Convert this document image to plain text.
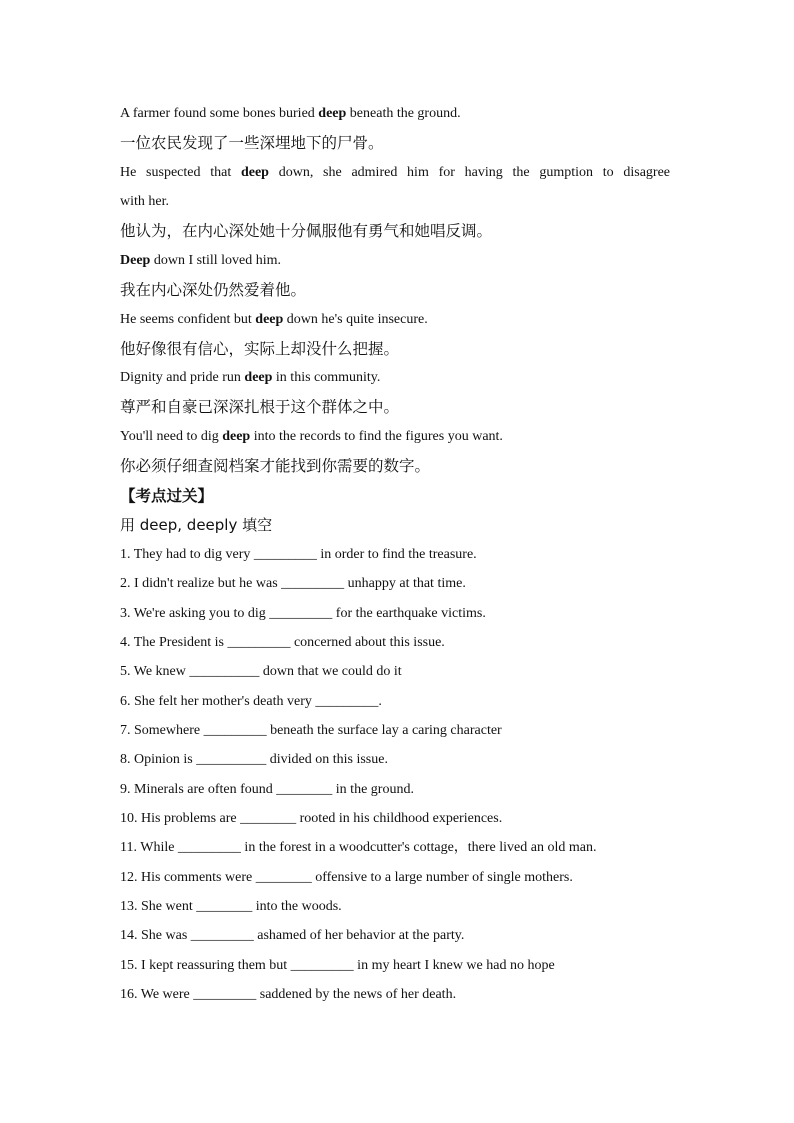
A farmer found some bones buried deep beneath the ground.
一位农民发现了一些深埋地下的尸骨。
He suspected that deep down, she admired him for having the gumption to disagree
with her.
他认为，在内心深处她十分佩服他有勇气和她唱反调。
Deep down I still loved him.
我在内心深处仍然爱着他。
He seems confident but deep down he's quite insecure.
他好像很有信心，实际上却没什么把握。
Dignity and pride run deep in this community.
尊严和自豪已深深扎根于这个群体之中。
You'll need to dig deep into the records to find the figures you want.
你必须仔细查阅档案才能找到你需要的数字。
【考点过关】
用 deep, deeply 填空
1. They had to dig very _________ in order to find the treasure.
2. I didn't realize but he was _________ unhappy at that time.
3. We're asking you to dig _________ for the earthquake victims.
4. The President is _________ concerned about this issue.
5. We knew __________ down that we could do it
6. She felt her mother's death very _________.
7. Somewhere _________ beneath the surface lay a caring character
8. Opinion is __________ divided on this issue.
9. Minerals are often found ________ in the ground.
10. His problems are ________ rooted in his childhood experiences.
11. While _________ in the forest in a woodcutter's cottage，there lived an old man.
12. His comments were ________ offensive to a large number of single mothers.
13. She went ________ into the woods.
14. She was _________ ashamed of her behavior at the party.
15. I kept reassuring them but _________ in my heart I knew we had no hope
16. We were _________ saddened by the news of her death.
